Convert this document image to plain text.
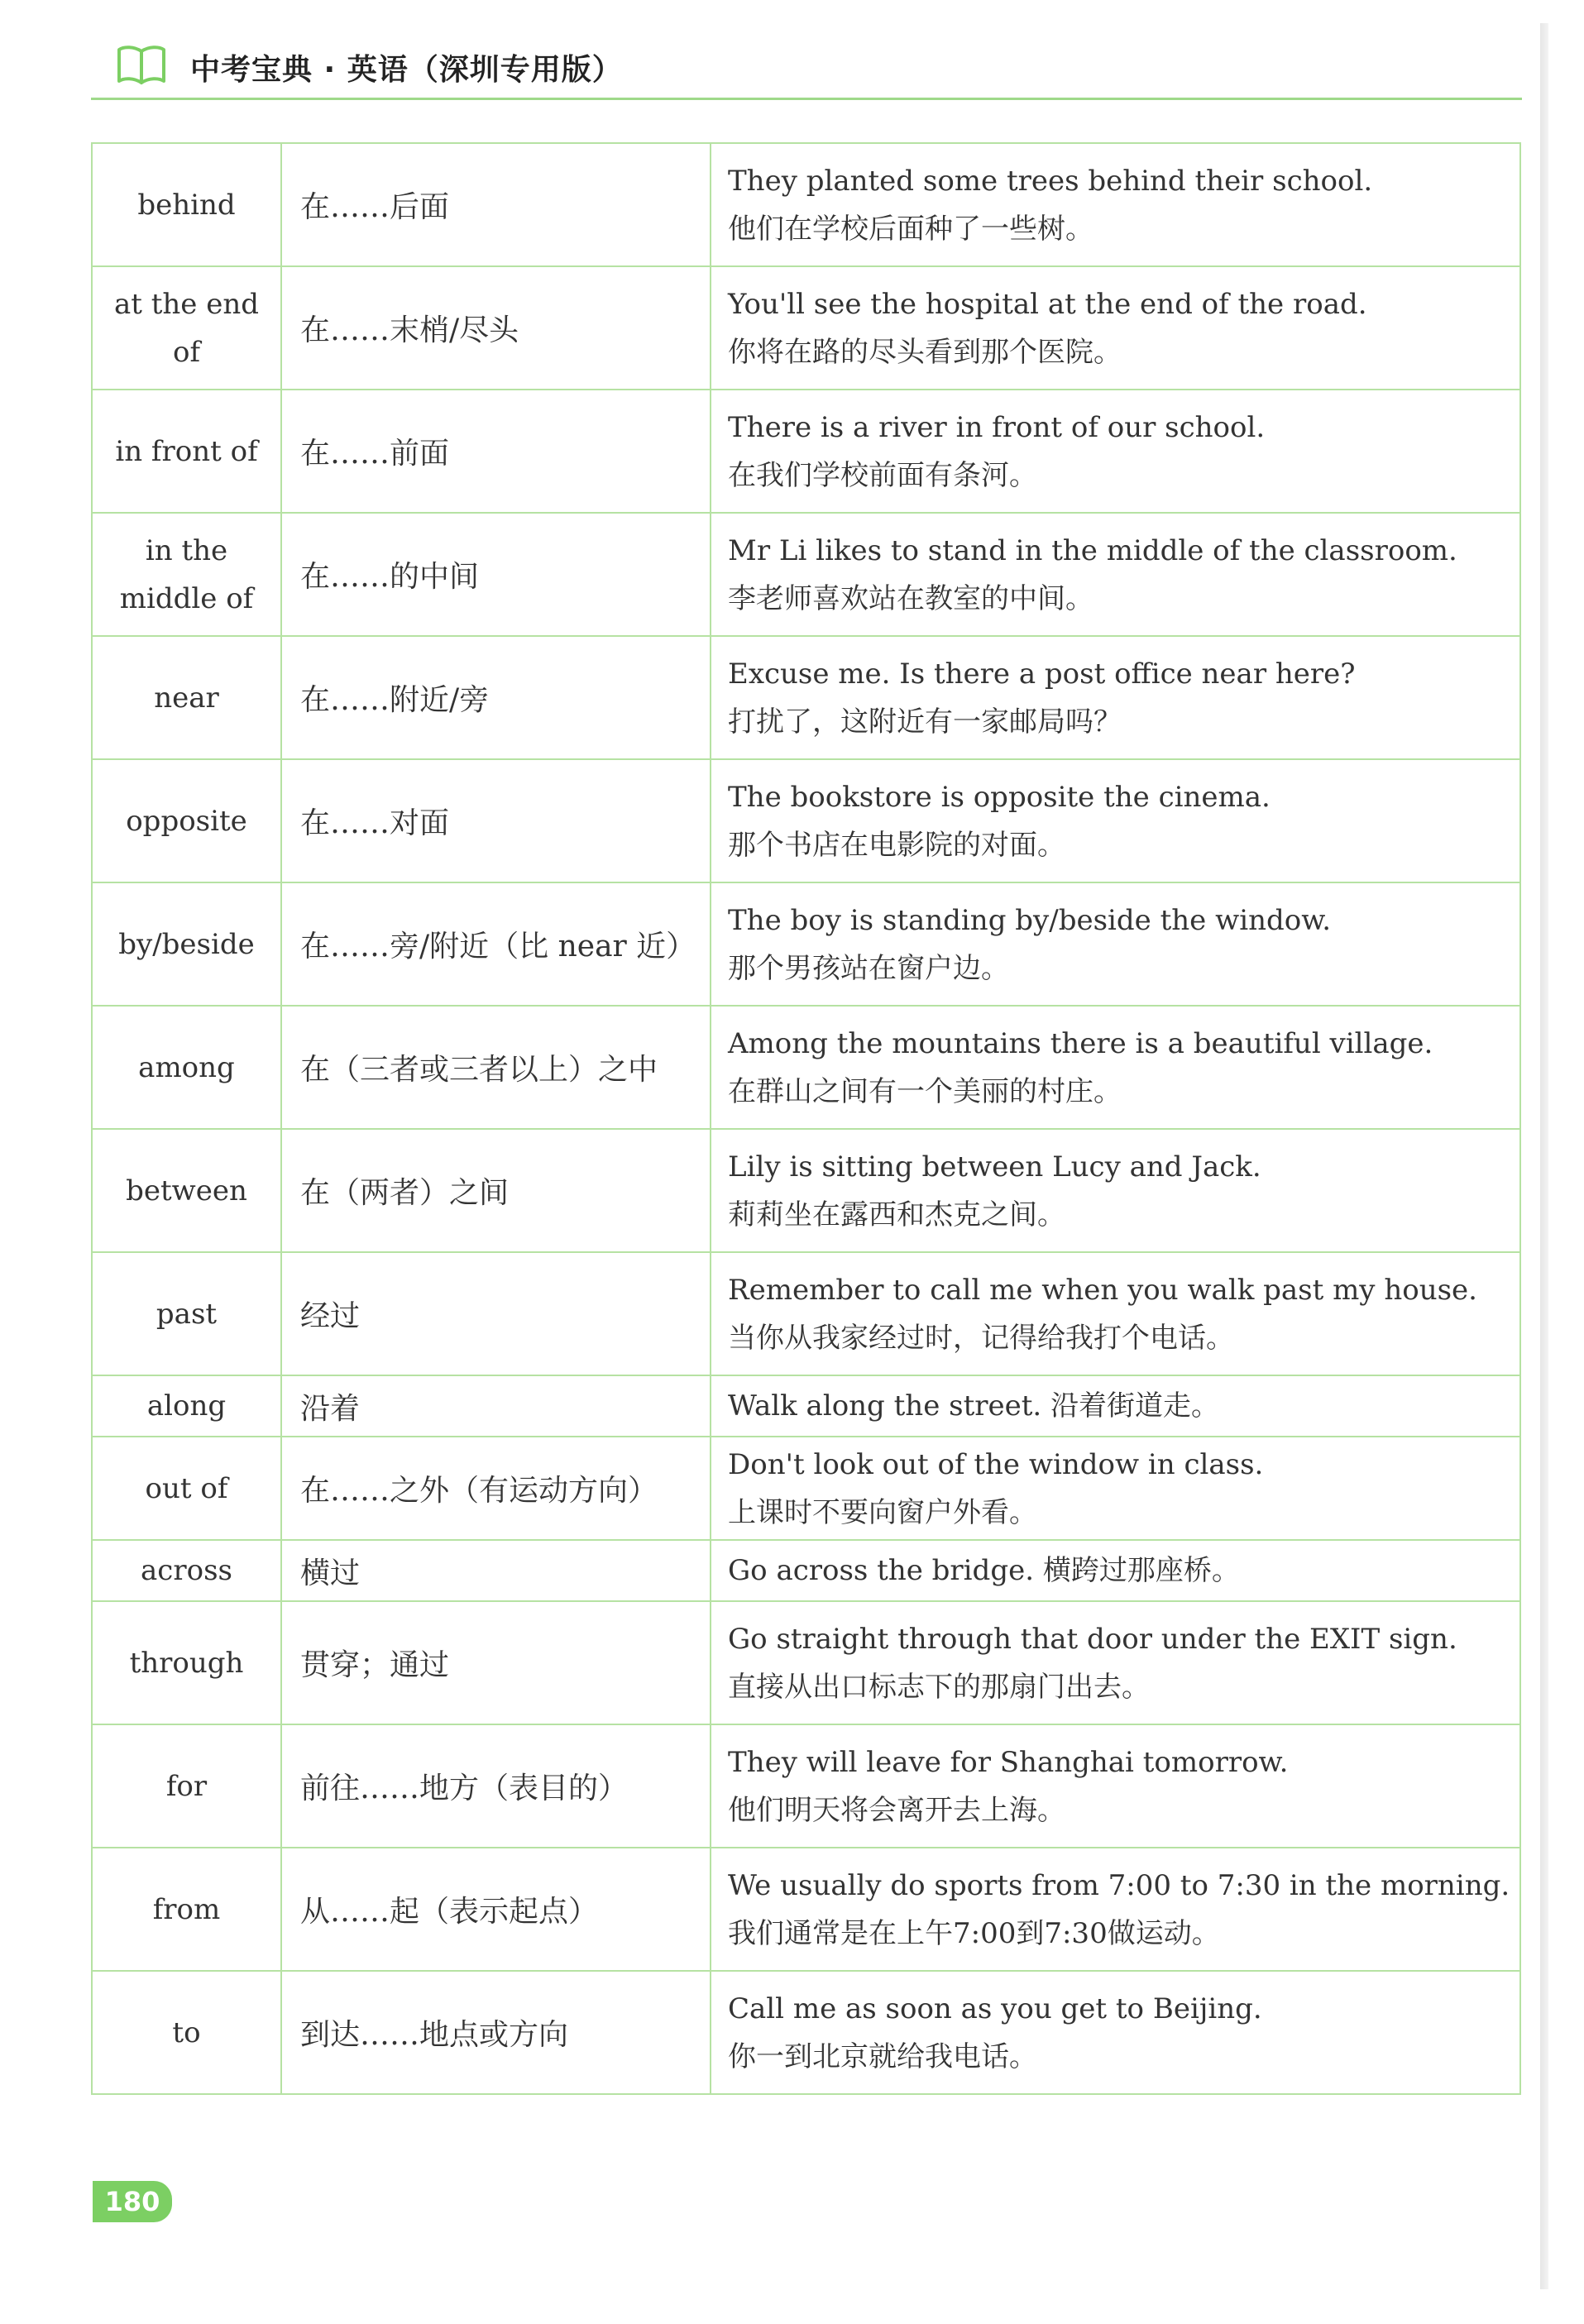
中考宝典 · 英语（深圳专用版）
behind	在……后面	They planted some trees behind their school.
他们在学校后面种了一些树。

at the end of	在……末梢/尽头	You'll see the hospital at the end of the road.
你将在路的尽头看到那个医院。

in front of	在……前面	There is a river in front of our school.
在我们学校前面有条河。

in the middle of	在……的中间	Mr Li likes to stand in the middle of the classroom.
李老师喜欢站在教室的中间。

near	在……附近/旁	Excuse me. Is there a post office near here?
打扰了，这附近有一家邮局吗？

opposite	在……对面	The bookstore is opposite the cinema.
那个书店在电影院的对面。

by/beside	在……旁/附近（比 near 近）	The boy is standing by/beside the window.
那个男孩站在窗户边。

among	在（三者或三者以上）之中	Among the mountains there is a beautiful village.
在群山之间有一个美丽的村庄。

between	在（两者）之间	Lily is sitting between Lucy and Jack.
莉莉坐在露西和杰克之间。

past	经过	Remember to call me when you walk past my house.
当你从我家经过时，记得给我打个电话。

along	沿着	Walk along the street. 沿着街道走。

out of	在……之外（有运动方向）	Don't look out of the window in class.
上课时不要向窗户外看。

across	横过	Go across the bridge. 横跨过那座桥。

through	贯穿；通过	Go straight through that door under the EXIT sign.
直接从出口标志下的那扇门出去。

for	前往……地方（表目的）	They will leave for Shanghai tomorrow.
他们明天将会离开去上海。

from	从……起（表示起点）	We usually do sports from 7:00 to 7:30 in the morning.
我们通常是在上午7:00到7:30做运动。

to	到达……地点或方向	Call me as soon as you get to Beijing.
你一到北京就给我电话。
180
